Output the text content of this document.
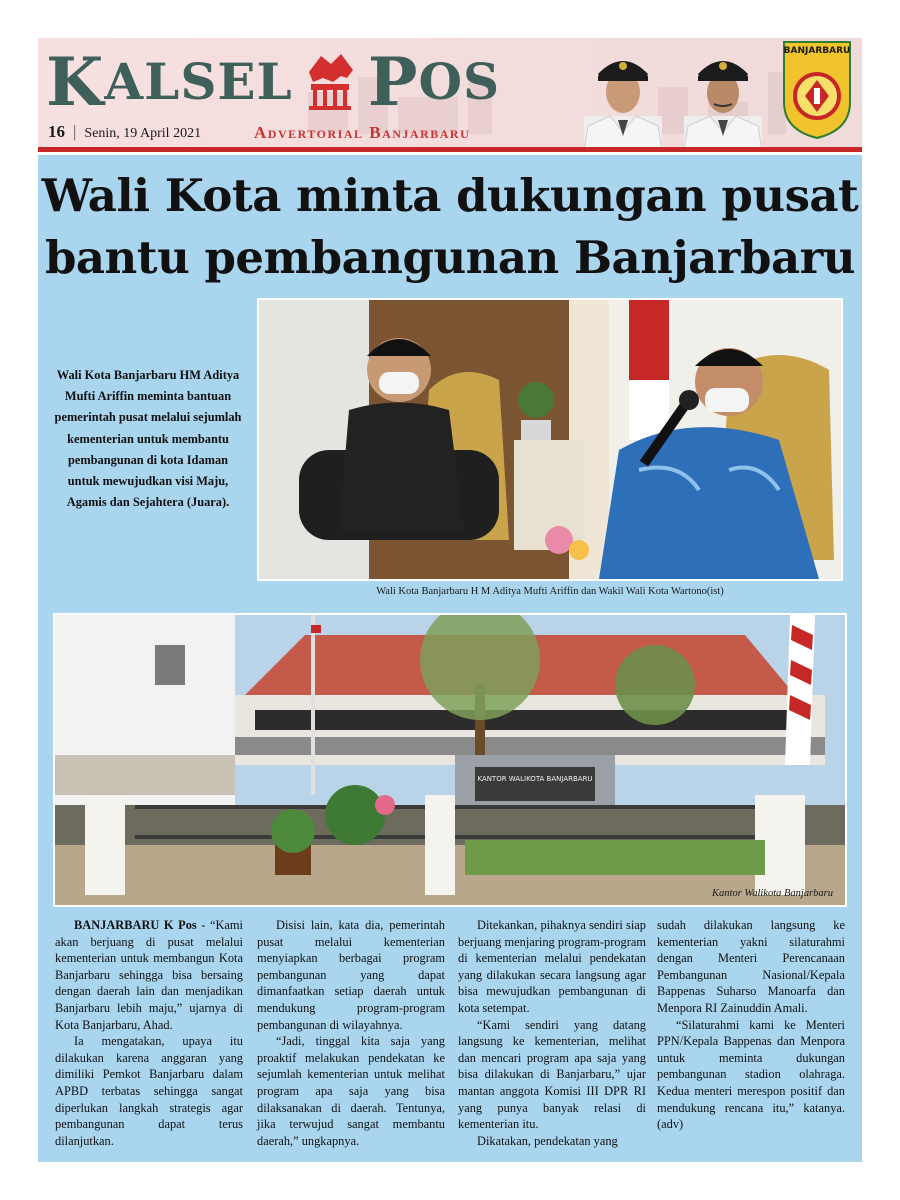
KALSEL POS
16 | Senin, 19 April 2021	Advertorial Banjarbaru
BANJARBARU
Wali Kota minta dukungan pusat
bantu pembangunan Banjarbaru
Wali Kota Banjarbaru HM Aditya Mufti Ariffin meminta bantuan pemerintah pusat melalui sejumlah kementerian untuk membantu pembangunan di kota Idaman untuk mewujudkan visi Maju, Agamis dan Sejahtera (Juara).
Wali Kota Banjarbaru H M Aditya Mufti Ariffin dan Wakil Wali Kota Wartono(ist)
KANTOR WALIKOTA BANJARBARU
Kantor Walikota Banjarbaru

BANJARBARU K Pos - “Kami akan berjuang di pusat melalui kementerian untuk membangun Kota Banjarbaru sehingga bisa bersaing dengan daerah lain dan menjadikan Banjarbaru lebih maju,” ujarnya di Kota Banjarbaru, Ahad.

Ia mengatakan, upaya itu dilakukan karena anggaran yang dimiliki Pemkot Banjarbaru dalam APBD terbatas sehingga sangat diperlukan langkah strategis agar pembangunan dapat terus dilanjutkan.

Disisi lain, kata dia, pemerintah pusat melalui kementerian menyiapkan berbagai program pembangunan yang dapat dimanfaatkan setiap daerah untuk mendukung program-program pembangunan di wilayahnya.

“Jadi, tinggal kita saja yang proaktif melakukan pendekatan ke sejumlah kementerian untuk melihat program apa saja yang bisa dilaksanakan di daerah. Tentunya, jika terwujud sangat membantu daerah,” ungkapnya.

Ditekankan, pihaknya sendiri siap berjuang menjaring program-program di kementerian melalui pendekatan yang dilakukan secara langsung agar bisa mewujudkan pembangunan di kota setempat.

“Kami sendiri yang datang langsung ke kementerian, melihat dan mencari program apa saja yang bisa dilakukan di Banjarbaru,” ujar mantan anggota Komisi III DPR RI yang punya banyak relasi di kementerian itu.

Dikatakan, pendekatan yang

sudah dilakukan langsung ke kementerian yakni silaturahmi dengan Menteri Perencanaan Pembangunan Nasional/Kepala Bappenas Suharso Manoarfa dan Menpora RI Zainuddin Amali.

“Silaturahmi kami ke Menteri PPN/Kepala Bappenas dan Menpora untuk meminta dukungan pembangunan stadion olahraga. Kedua menteri merespon positif dan mendukung rencana itu,” katanya.(adv)
